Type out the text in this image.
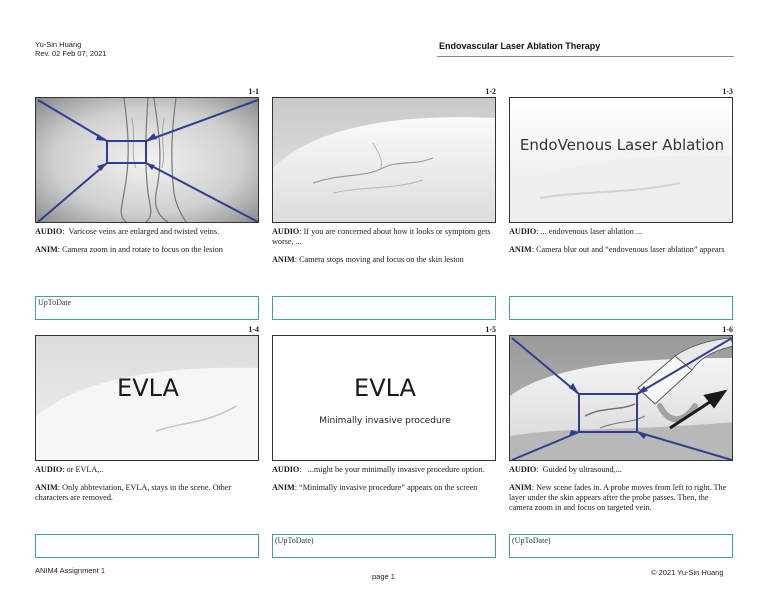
Yu-Sin Huang
Rev. 02 Feb 07, 2021
Endovascular Laser Ablation Therapy
1-1

AUDIO:  Varicose veins are enlarged and twisted veins.

ANIM: Camera zoom in and rotate to focus on the lesion

UpToDate
1-2

AUDIO: If you are concerned about how it looks or symptom gets worse, ...

ANIM: Camera stops moving and focus on the skin lesion

1-3
EndoVenous Laser Ablation

AUDIO: ... endovenous laser ablation ...

ANIM: Camera blur out and “endovenous laser ablation” appears

1-4
EVLA

AUDIO: or EVLA,..

ANIM: Only abbreviation, EVLA, stays in the scene. Other characters are removed.

1-5
EVLA
Minimally invasive procedure

AUDIO:   ...might be your minimally invasive procedure option.

ANIM: “Minimally invasive procedure” appears on the screen

(UpToDate)
1-6

AUDIO:  Guided by ultrasound,...

ANIM: New scene fades in. A probe moves from left to right. The layer under the skin appears after the probe passes. Then, the camera zoom in and focus on targeted vein.

(UpToDate)
ANIM4 Assignment 1
page 1	© 2021 Yu-Sin Huang
